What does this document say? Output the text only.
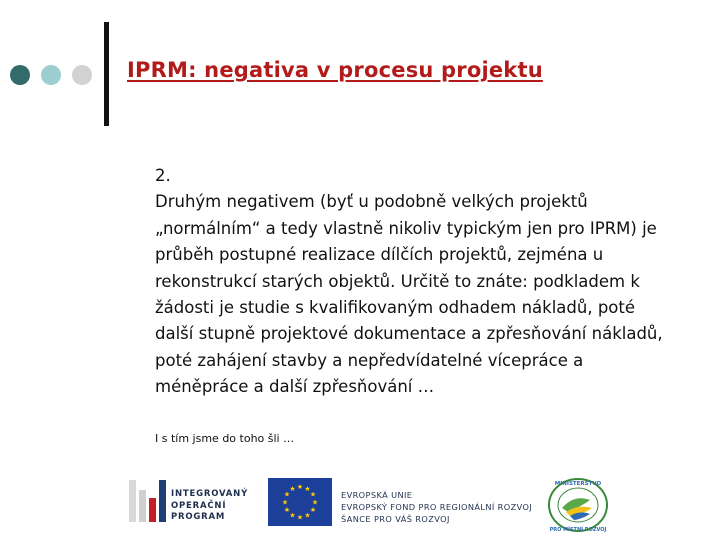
IPRM: negativa v procesu projektu

2.

Druhým negativem (byť u podobně velkých projektů „normálním“ a tedy vlastně nikoliv typickým jen pro IPRM) je průběh postupné realizace dílčích projektů, zejména u rekonstrukcí starých objektů. Určitě to znáte: podkladem k žádosti je studie s kvalifikovaným odhadem nákladů, poté další stupně projektové dokumentace a zpřesňování nákladů, poté zahájení stavby a nepředvídatelné vícepráce a méněpráce a další zpřesňování …

I s tím jsme do toho šli …
INTEGROVANÝ
OPERAČNÍ
PROGRAM
★ ★
★
★
★
★
★
★
★
★
★
★
EVROPSKÁ UNIE
EVROPSKÝ FOND PRO REGIONÁLNÍ ROZVOJ
ŠANCE PRO VÁŠ ROZVOJ
MINISTERSTVO
PRO MÍSTNÍ ROZVOJ
